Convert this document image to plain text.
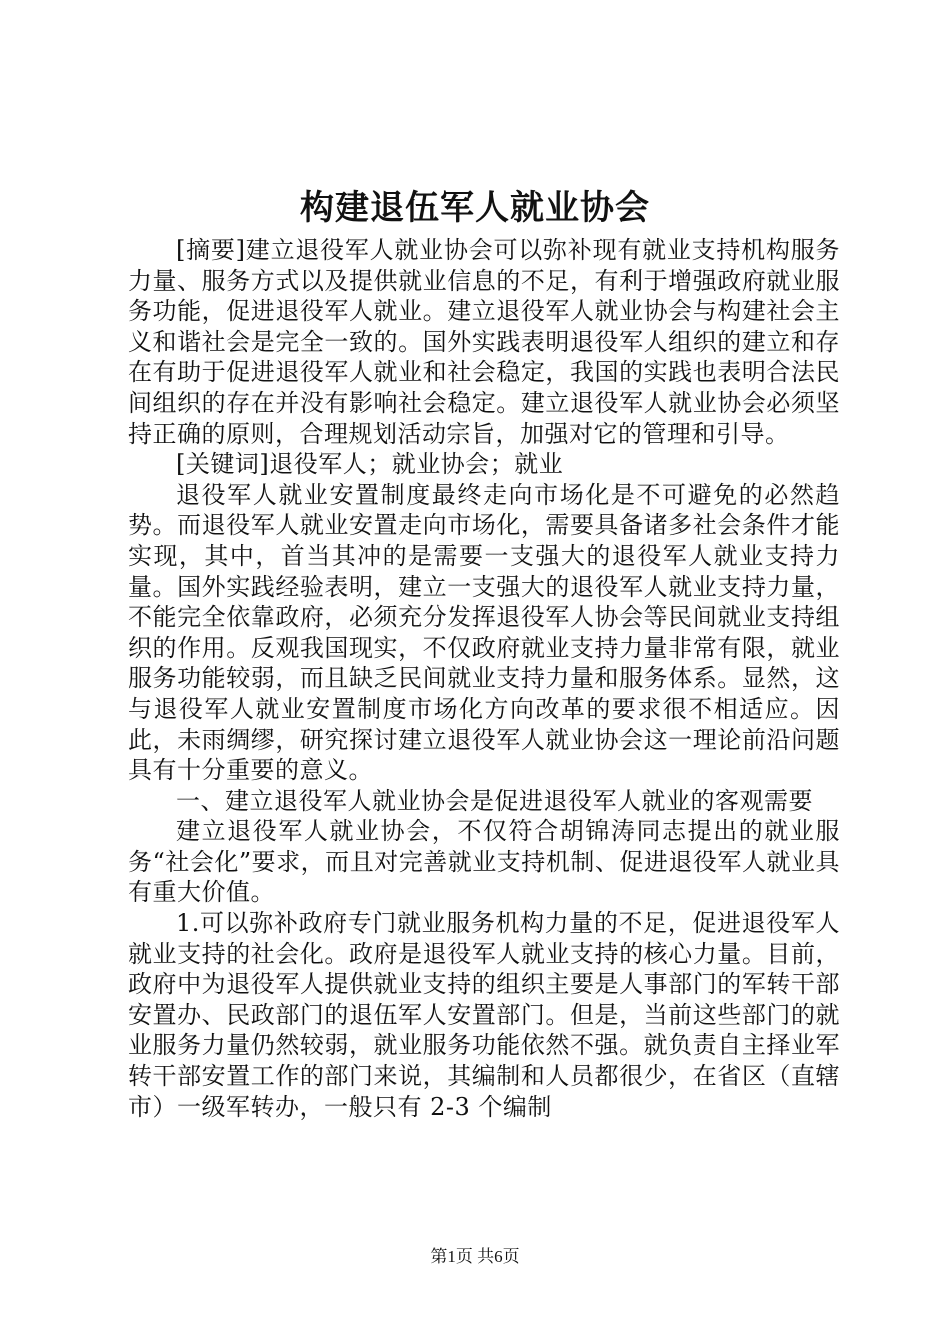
构建退伍军人就业协会

[摘要]建立退役军人就业协会可以弥补现有就业支持机构服务力量、服务方式以及提供就业信息的不足，有利于增强政府就业服务功能，促进退役军人就业。建立退役军人就业协会与构建社会主义和谐社会是完全一致的。国外实践表明退役军人组织的建立和存在有助于促进退役军人就业和社会稳定，我国的实践也表明合法民间组织的存在并没有影响社会稳定。建立退役军人就业协会必须坚持正确的原则，合理规划活动宗旨，加强对它的管理和引导。

[关键词]退役军人；就业协会；就业

退役军人就业安置制度最终走向市场化是不可避免的必然趋势。而退役军人就业安置走向市场化，需要具备诸多社会条件才能实现，其中，首当其冲的是需要一支强大的退役军人就业支持力量。国外实践经验表明，建立一支强大的退役军人就业支持力量，不能完全依靠政府，必须充分发挥退役军人协会等民间就业支持组织的作用。反观我国现实，不仅政府就业支持力量非常有限，就业服务功能较弱，而且缺乏民间就业支持力量和服务体系。显然，这与退役军人就业安置制度市场化方向改革的要求很不相适应。因此，未雨绸缪，研究探讨建立退役军人就业协会这一理论前沿问题具有十分重要的意义。

一、建立退役军人就业协会是促进退役军人就业的客观需要

建立退役军人就业协会，不仅符合胡锦涛同志提出的就业服务“社会化”要求，而且对完善就业支持机制、促进退役军人就业具有重大价值。

1.可以弥补政府专门就业服务机构力量的不足，促进退役军人就业支持的社会化。政府是退役军人就业支持的核心力量。目前，政府中为退役军人提供就业支持的组织主要是人事部门的军转干部安置办、民政部门的退伍军人安置部门。但是，当前这些部门的就业服务力量仍然较弱，就业服务功能依然不强。就负责自主择业军转干部安置工作的部门来说，其编制和人员都很少，在省区（直辖市）一级军转办，一般只有 2-3 个编制

第1页 共6页
